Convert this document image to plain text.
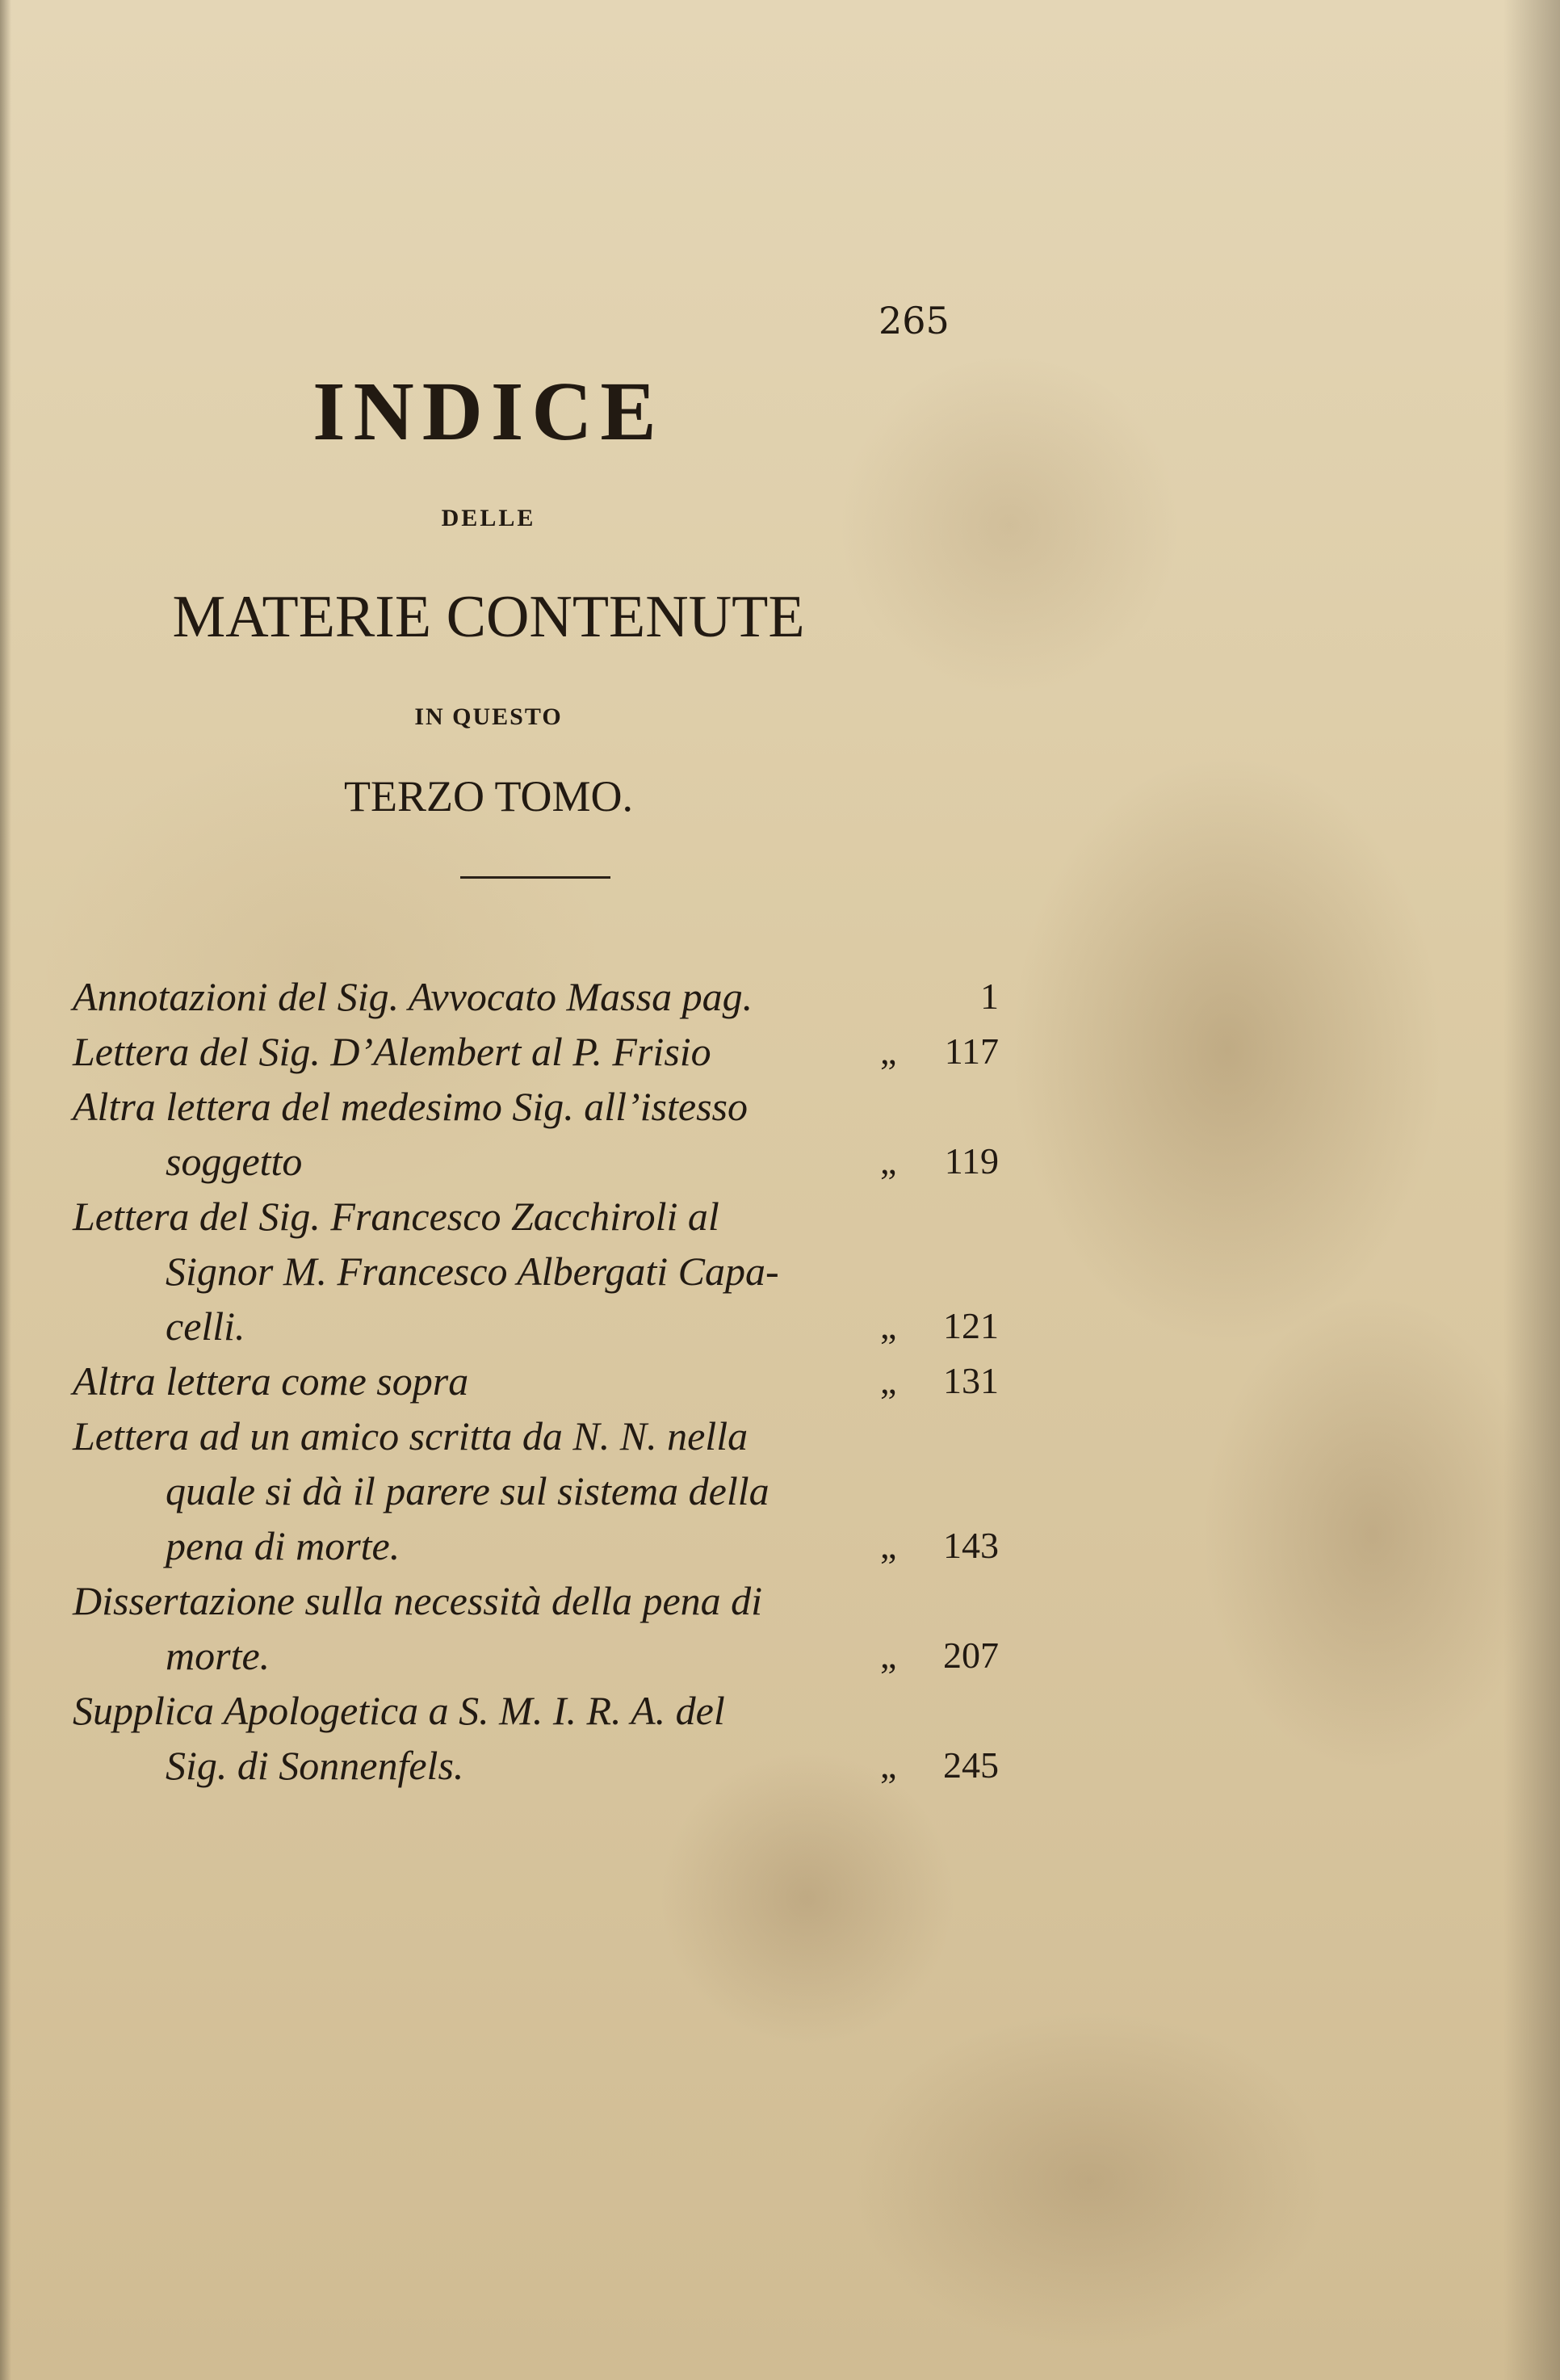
265
INDICE
DELLE
MATERIE CONTENUTE
IN QUESTO
TERZO TOMO.
Annotazioni del Sig. Avvocato Massa pag.	1
Lettera del Sig. D’Alembert al P. Frisio	„	117
Altra lettera del medesimo Sig. all’istesso
soggetto	„	119
Lettera del Sig. Francesco Zacchiroli al
Signor M. Francesco Albergati Capa-
celli.	„	121
Altra lettera come sopra	„	131
Lettera ad un amico scritta da N. N. nella
quale si dà il parere sul sistema della
pena di morte.	„	143
Dissertazione sulla necessità della pena di
morte.	„	207
Supplica Apologetica a S. M. I. R. A. del
Sig. di Sonnenfels.	„	245
